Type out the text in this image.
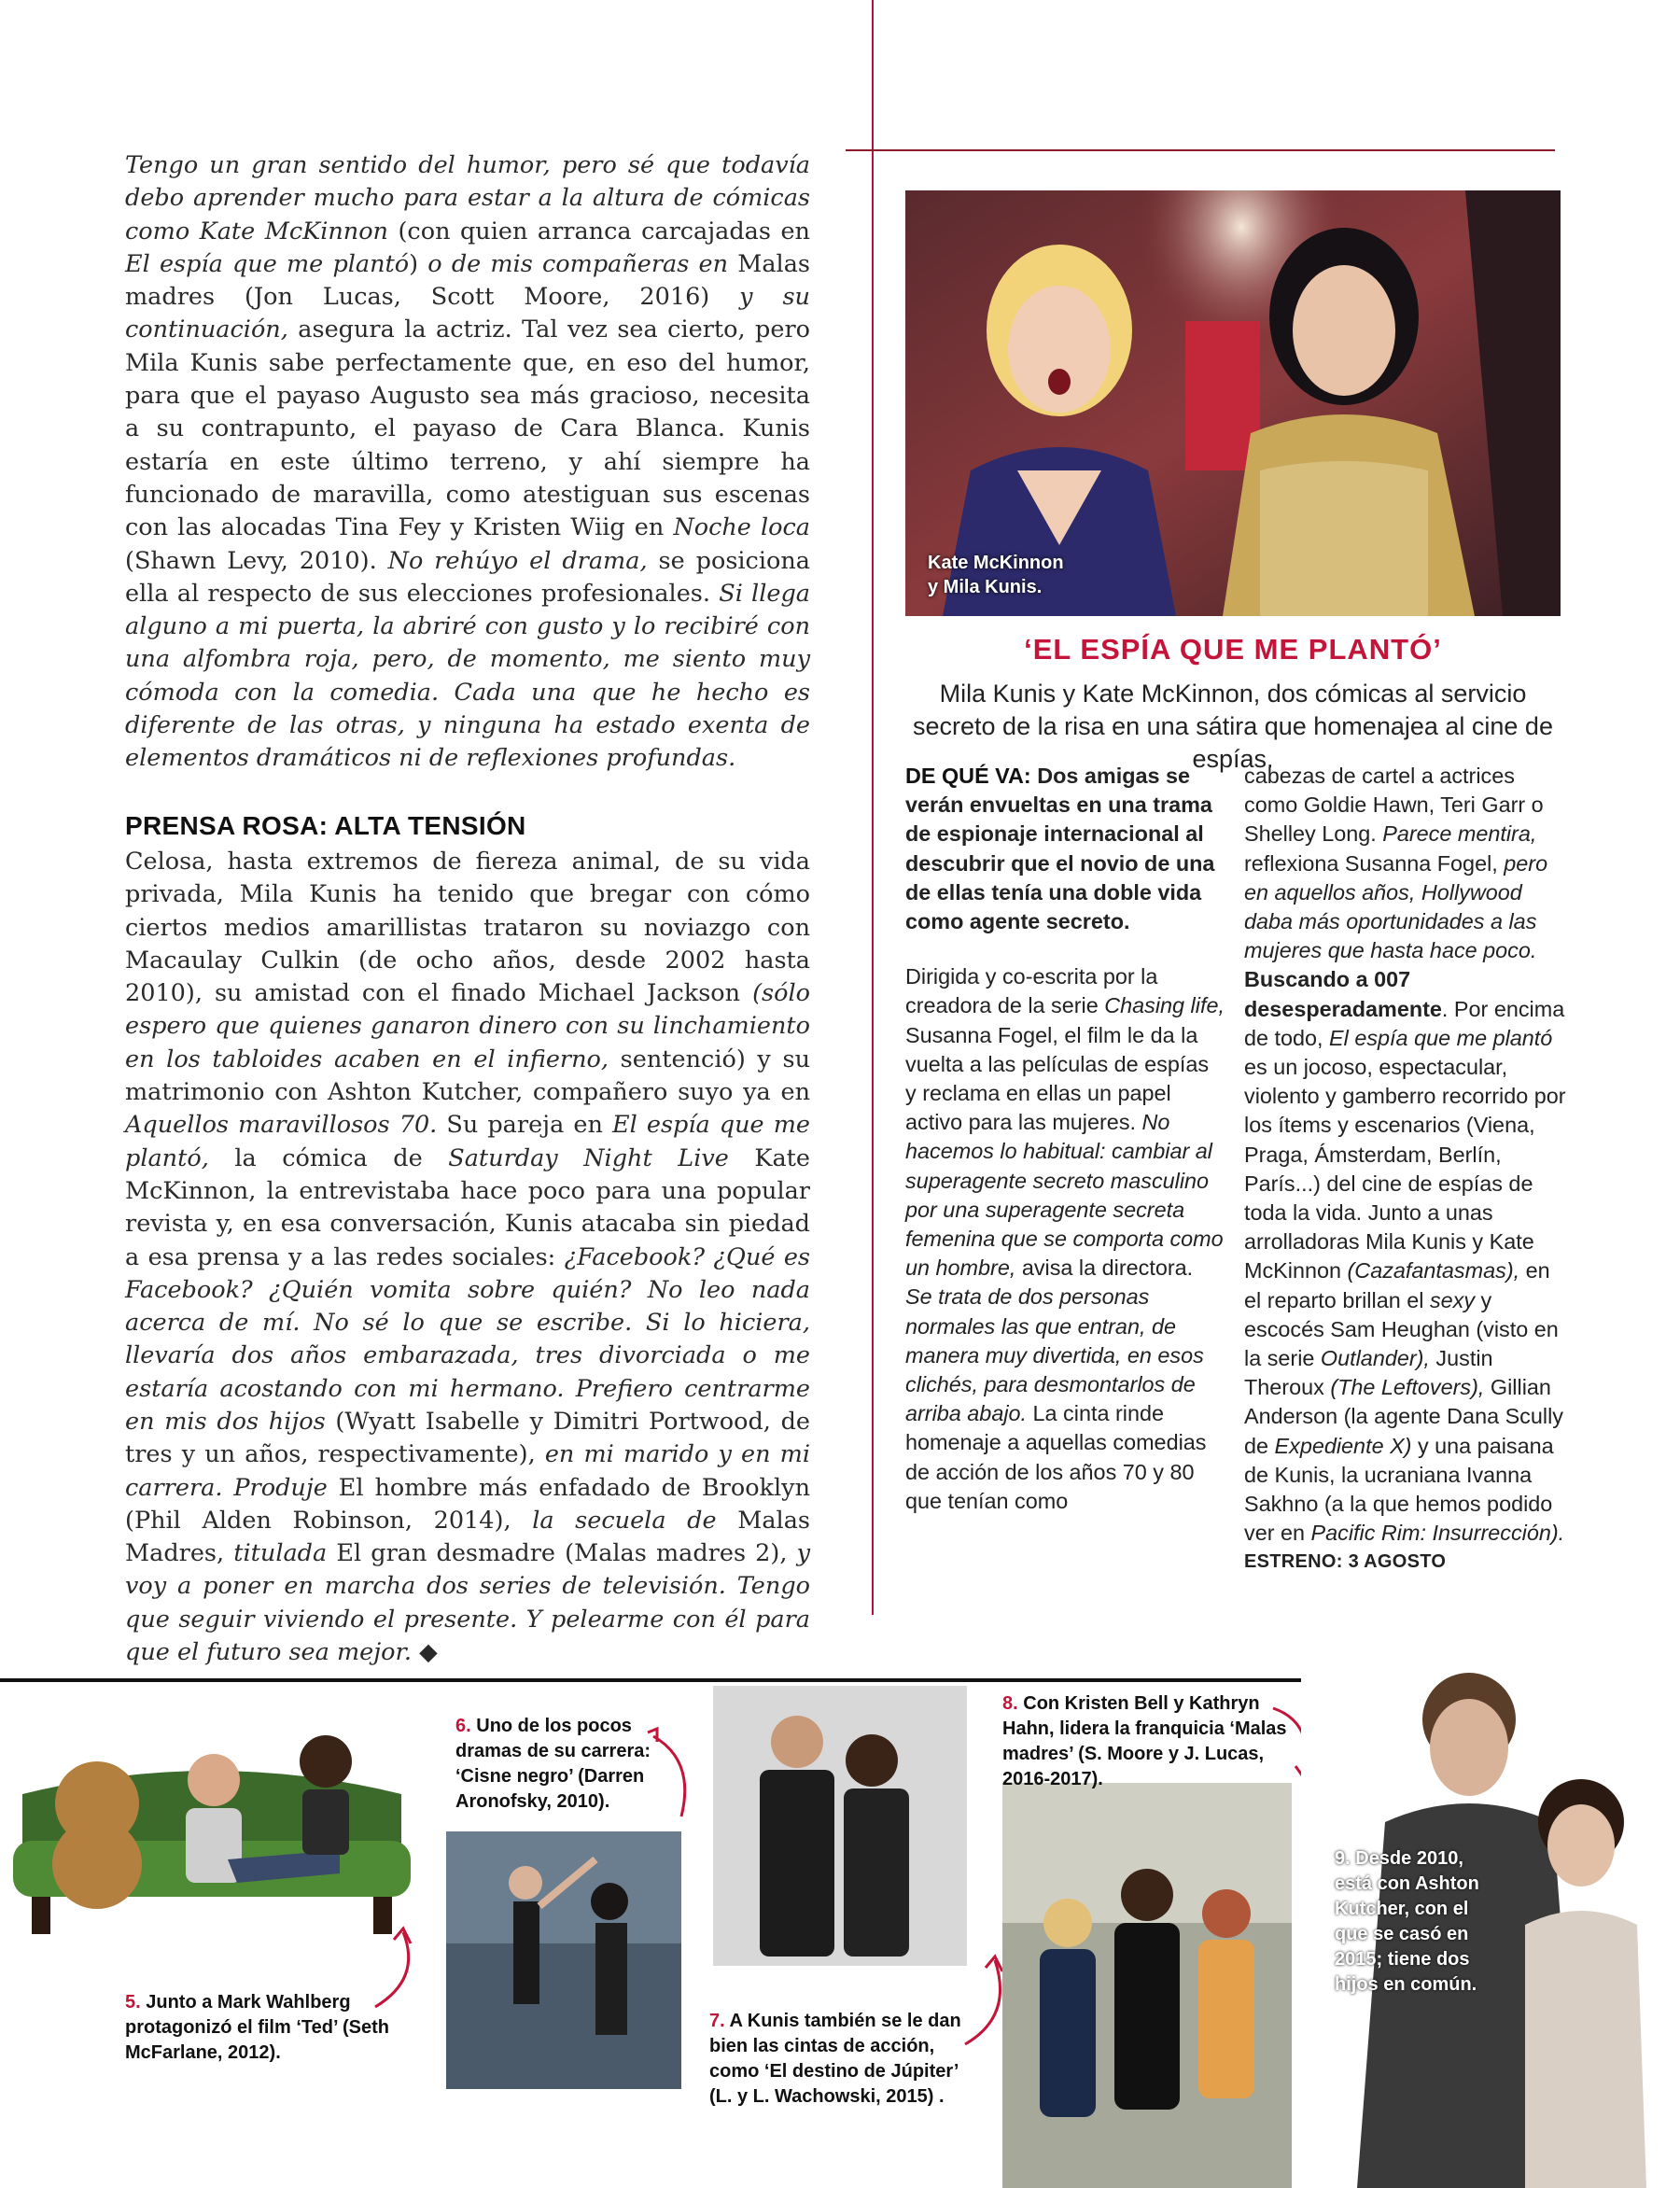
Tengo un gran sentido del humor, pero sé que todavía debo aprender mucho para estar a la altura de cómicas como Kate McKinnon (con quien arranca carcajadas en El espía que me plantó) o de mis compañeras en Malas madres (Jon Lucas, Scott Moore, 2016) y su continuación, asegura la actriz. Tal vez sea cierto, pero Mila Kunis sabe perfectamente que, en eso del humor, para que el payaso Augusto sea más gracioso, necesita a su contrapunto, el payaso de Cara Blanca. Kunis estaría en este último terreno, y ahí siempre ha funcionado de maravilla, como atestiguan sus escenas con las alocadas Tina Fey y Kristen Wiig en Noche loca (Shawn Levy, 2010). No rehúyo el drama, se posiciona ella al respecto de sus elecciones profesionales. Si llega alguno a mi puerta, la abriré con gusto y lo recibiré con una alfombra roja, pero, de momento, me siento muy cómoda con la comedia. Cada una que he hecho es diferente de las otras, y ninguna ha estado exenta de elementos dramáticos ni de reflexiones profundas.

PRENSA ROSA: ALTA TENSIÓN

Celosa, hasta extremos de fiereza animal, de su vida privada, Mila Kunis ha tenido que bregar con cómo ciertos medios amarillistas trataron su noviazgo con Macaulay Culkin (de ocho años, desde 2002 hasta 2010), su amistad con el finado Michael Jackson (sólo espero que quienes ganaron dinero con su linchamiento en los tabloides acaben en el infierno, sentenció) y su matrimonio con Ashton Kutcher, compañero suyo ya en Aquellos maravillosos 70. Su pareja en El espía que me plantó, la cómica de Saturday Night Live Kate McKinnon, la entrevistaba hace poco para una popular revista y, en esa conversación, Kunis atacaba sin piedad a esa prensa y a las redes sociales: ¿Facebook? ¿Qué es Facebook? ¿Quién vomita sobre quién? No leo nada acerca de mí. No sé lo que se escribe. Si lo hiciera, llevaría dos años embarazada, tres divorciada o me estaría acostando con mi hermano. Prefiero centrarme en mis dos hijos (Wyatt Isabelle y Dimitri Portwood, de tres y un años, respectivamente), en mi marido y en mi carrera. Produje El hombre más enfadado de Brooklyn (Phil Alden Robinson, 2014), la secuela de Malas Madres, titulada El gran desmadre (Malas madres 2), y voy a poner en marcha dos series de televisión. Tengo que seguir viviendo el presente. Y pelearme con él para que el futuro sea mejor. ◆

Kate McKinnon
y Mila Kunis.
‘EL ESPÍA QUE ME PLANTÓ’
Mila Kunis y Kate McKinnon, dos cómicas al servicio secreto de la risa en una sátira que homenajea al cine de espías.

DE QUÉ VA: Dos amigas se verán envueltas en una trama de espionaje internacional al descubrir que el novio de una de ellas tenía una doble vida como agente secreto.

Dirigida y co-escrita por la creadora de la serie Chasing life, Susanna Fogel, el film le da la vuelta a las películas de espías y reclama en ellas un papel activo para las mujeres. No hacemos lo habitual: cambiar al superagente secreto masculino por una superagente secreta femenina que se comporta como un hombre, avisa la directora. Se trata de dos personas normales las que entran, de manera muy divertida, en esos clichés, para desmontarlos de arriba abajo. La cinta rinde homenaje a aquellas comedias de acción de los años 70 y 80 que tenían como

cabezas de cartel a actrices como Goldie Hawn, Teri Garr o Shelley Long. Parece mentira, reflexiona Susanna Fogel, pero en aquellos años, Hollywood daba más oportunidades a las mujeres que hasta hace poco.
Buscando a 007 desesperadamente. Por encima de todo, El espía que me plantó es un jocoso, espectacular, violento y gamberro recorrido por los ítems y escenarios (Viena, Praga, Ámsterdam, Berlín, París...) del cine de espías de toda la vida. Junto a unas arrolladoras Mila Kunis y Kate McKinnon (Cazafantasmas), en el reparto brillan el sexy y escocés Sam Heughan (visto en la serie Outlander), Justin Theroux (The Leftovers), Gillian Anderson (la agente Dana Scully de Expediente X) y una paisana de Kunis, la ucraniana Ivanna Sakhno (a la que hemos podido ver en Pacific Rim: Insurrección).

ESTRENO: 3 AGOSTO
5. Junto a Mark Wahlberg protagonizó el film ‘Ted’ (Seth McFarlane, 2012).
6. Uno de los pocos dramas de su carrera: ‘Cisne negro’ (Darren Aronofsky, 2010).
7. A Kunis también se le dan bien las cintas de acción, como ‘El destino de Júpiter’ (L. y L. Wachowski, 2015) .
8. Con Kristen Bell y Kathryn Hahn, lidera la franquicia ‘Malas madres’ (S. Moore y J. Lucas, 2016-2017).
9. Desde 2010, está con Ashton Kutcher, con el que se casó en 2015; tiene dos hijos en común.
